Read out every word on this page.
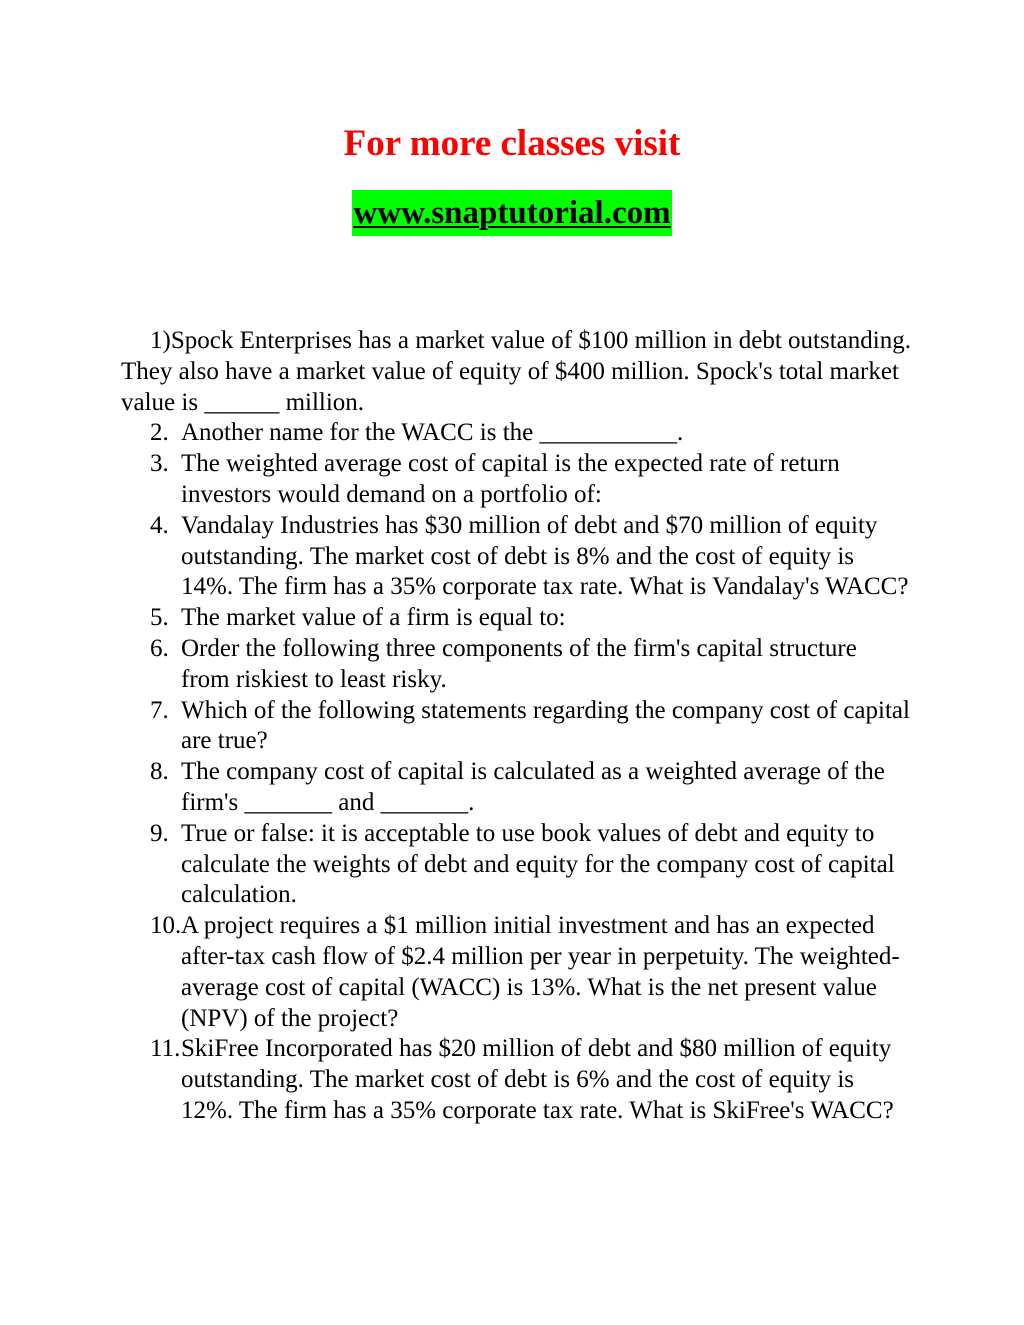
For more classes visit
www.snaptutorial.com
1)Spock Enterprises has a market value of $100 million in debt outstanding. They also have a market value of equity of $400 million. Spock's total market value is ______ million.
2. Another name for the WACC is the ___________.
3. The weighted average cost of capital is the expected rate of return investors would demand on a portfolio of:
4. Vandalay Industries has $30 million of debt and $70 million of equity outstanding. The market cost of debt is 8% and the cost of equity is 14%. The firm has a 35% corporate tax rate. What is Vandalay's WACC?
5. The market value of a firm is equal to:
6. Order the following three components of the firm's capital structure from riskiest to least risky.
7. Which of the following statements regarding the company cost of capital are true?
8. The company cost of capital is calculated as a weighted average of the firm's _______ and _______.
9. True or false: it is acceptable to use book values of debt and equity to calculate the weights of debt and equity for the company cost of capital calculation.
10. A project requires a $1 million initial investment and has an expected after-tax cash flow of $2.4 million per year in perpetuity. The weighted-average cost of capital (WACC) is 13%. What is the net present value (NPV) of the project?
11. SkiFree Incorporated has $20 million of debt and $80 million of equity outstanding. The market cost of debt is 6% and the cost of equity is 12%. The firm has a 35% corporate tax rate. What is SkiFree's WACC?
